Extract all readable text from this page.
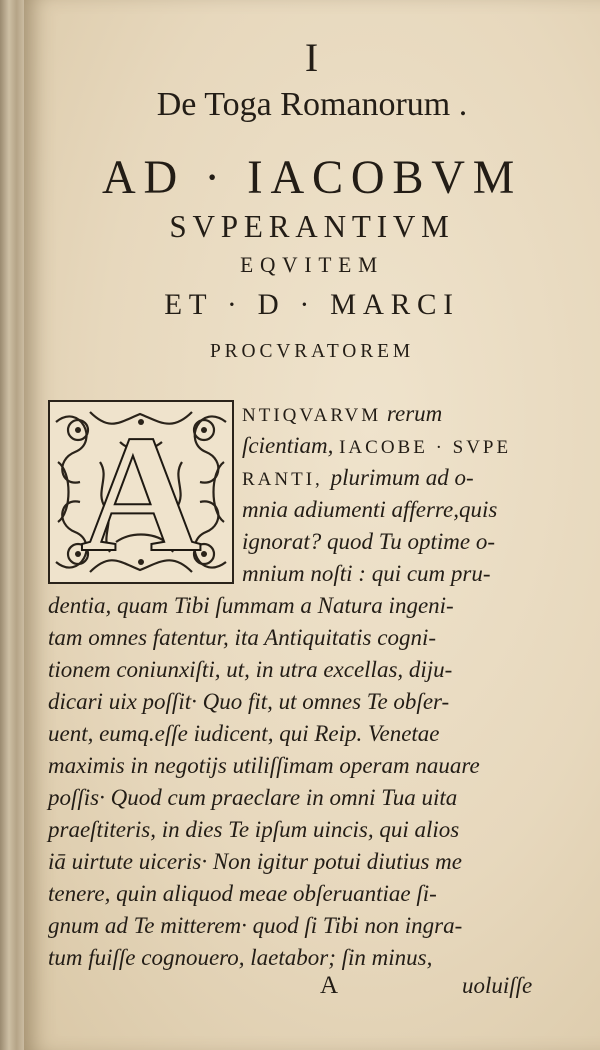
I
De Toga Romanorum .
AD · IACOBVM
SVPERANTIVM
EQVITEM
ET · D · MARCI
PROCVRATOREM
A	NTIQVARVM rerum
ſcientiam, IACOBE · SVPE
RANTI, plurimum ad o-
mnia adiumenti afferre,quis
ignorat? quod Tu optime o-
mnium noſti : qui cum pru-
dentia, quam Tibi ſummam a Natura ingeni-
tam omnes fatentur, ita Antiquitatis cogni-
tionem coniunxiſti, ut, in utra excellas, diju-
dicari uix poſſit· Quo fit, ut omnes Te obſer-
uent, eumq.eſſe iudicent, qui Reip. Venetae
maximis in negotijs utiliſſimam operam nauare
poſſis· Quod cum praeclare in omni Tua uita
praeſtiteris, in dies Te ipſum uincis, qui alios
iā uirtute uiceris· Non igitur potui diutius me
tenere, quin aliquod meae obſeruantiae ſi-
gnum ad Te mitterem· quod ſi Tibi non ingra-
tum fuiſſe cognouero, laetabor; ſin minus,
A	uoluiſſe
